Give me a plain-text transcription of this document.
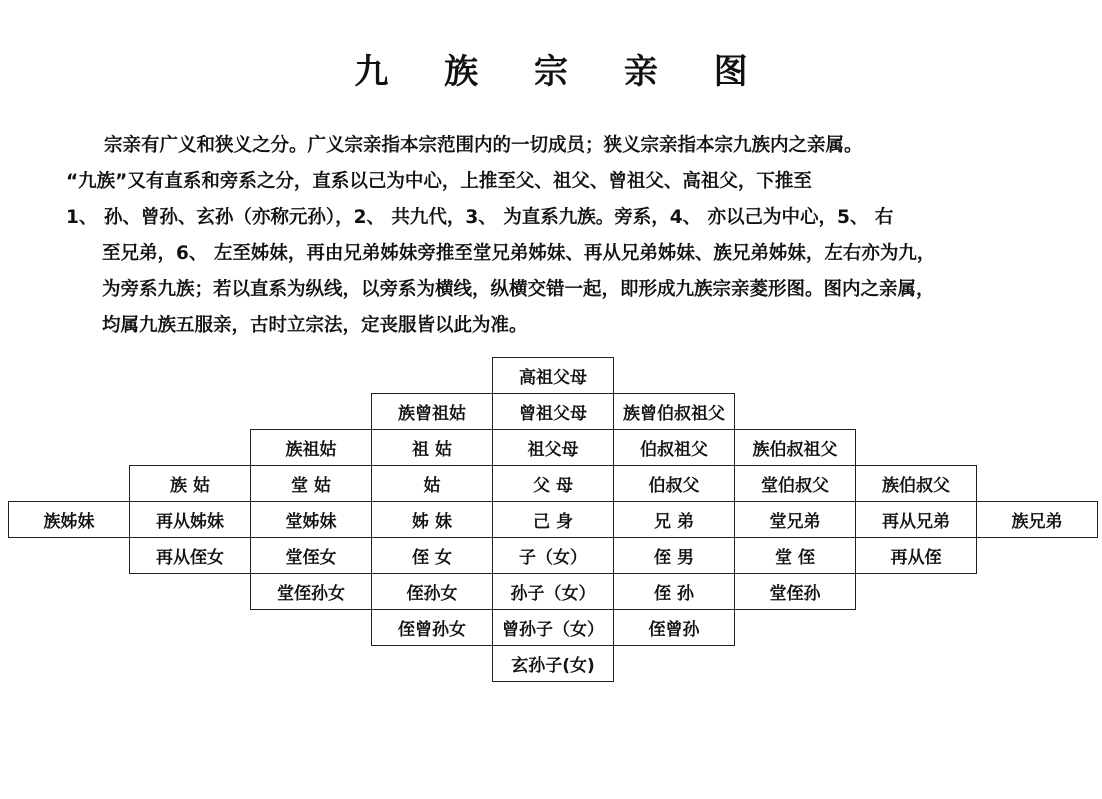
九 族 宗 亲 图
宗亲有广义和狭义之分。广义宗亲指本宗范围内的一切成员；狭义宗亲指本宗九族内之亲属。
“九族”又有直系和旁系之分，直系以己为中心，上推至父、祖父、曾祖父、高祖父，下推至
1、 孙、曾孙、玄孙（亦称元孙），2、 共九代，3、 为直系九族。旁系，4、 亦以己为中心，5、 右
至兄弟，6、 左至姊妹，再由兄弟姊妹旁推至堂兄弟姊妹、再从兄弟姊妹、族兄弟姊妹，左右亦为九，
为旁系九族；若以直系为纵线，以旁系为横线，纵横交错一起，即形成九族宗亲菱形图。图内之亲属，
均属九族五服亲，古时立宗法，定丧服皆以此为准。
高祖父母
族曾祖姑	曾祖父母	族曾伯叔祖父
族祖姑	祖 姑	祖父母	伯叔祖父	族伯叔祖父
族 姑	堂 姑	姑	父 母	伯叔父	堂伯叔父	族伯叔父
族姊妹	再从姊妹	堂姊妹	姊 妹	己 身	兄 弟	堂兄弟	再从兄弟	族兄弟
再从侄女	堂侄女	侄 女	子（女）	侄 男	堂 侄	再从侄
堂侄孙女	侄孙女	孙子（女）	侄 孙	堂侄孙
侄曾孙女	曾孙子（女）	侄曾孙
玄孙子(女)
